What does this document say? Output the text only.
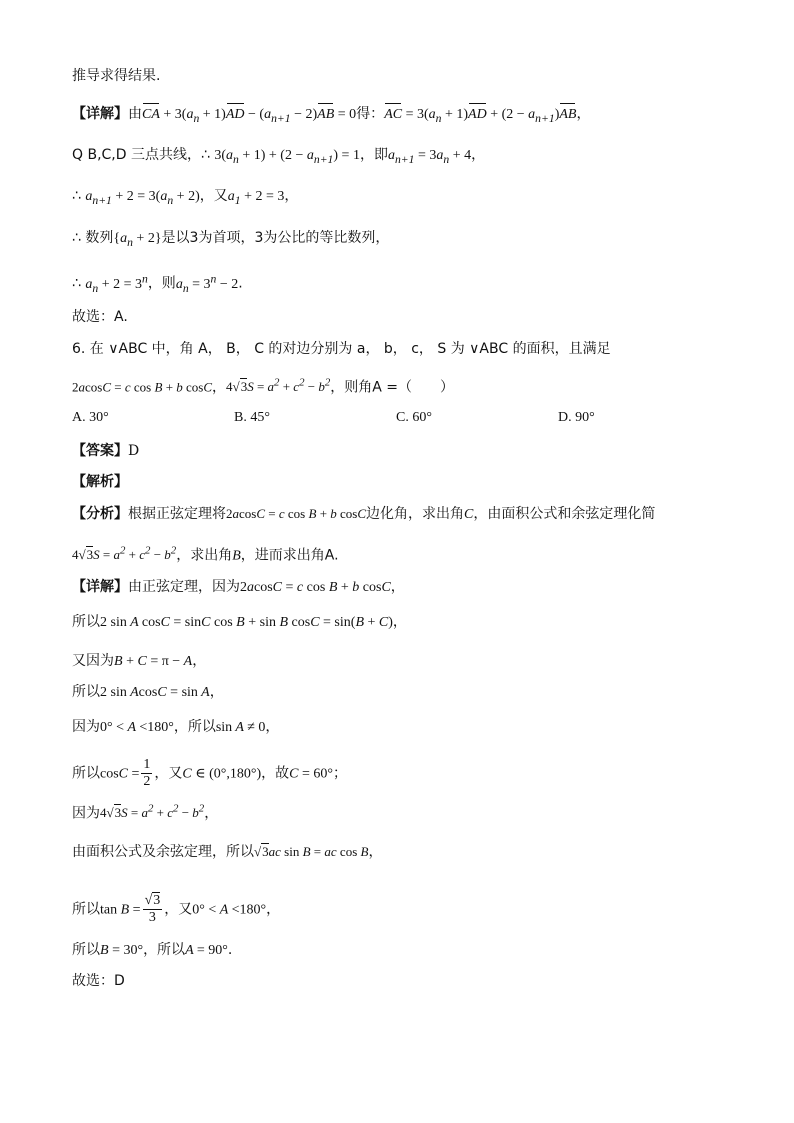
推导求得结果.
【详解】由CA + $3(a_n + 1)AD - (a_{n+1} - 2)AB = 0$得：AC = $3(a_n + 1)AD + (2 - a_{n+1})AB$，
Q B,C,D 三点共线，∴ $3(a_n + 1) + (2 - a_{n+1}) = 1$，即$a_{n+1} = 3a_n + 4$，
∴ $a_{n+1} + 2 = 3(a_n + 2)$，又$a_1 + 2 = 3$，
∴ 数列$\{a_n + 2\}$是以3为首项，3为公比的等比数列，
∴ $a_n + 2 = 3^n$，则$a_n = 3^n - 2$.
故选：A.
6. 在 ∨ABC 中，角 A， B， C 的对边分别为 a， b， c， S 为 ∨ABC 的面积，且满足
2acosC = c cos B + b cosC，$4√3S = a^2 + c^2 - b^2$，则角A =（　　）
A. 30°	B. 45°	C. 60°	D. 90°
【答案】D
【解析】
【分析】根据正弦定理将2acosC = c cos B + b cosC边化角，求出角C，由面积公式和余弦定理化简
$4√3S = a^2 + c^2 - b^2$，求出角B，进而求出角A.
【详解】由正弦定理，因为2acosC = c cos B + b cosC，
所以2 sin A cosC = sinC cos B + sin B cosC = sin(B + C)，
又因为B + C = π − A，
所以2 sin AcosC = sin A，
因为0° < A <180°，所以sin A ≠ 0，
所以$\cos C = \frac{1}{2}$ ，又C ∈ (0°,180°)，故C = 60°；
因为$4√3S = a^2 + c^2 - b^2$，
由面积公式及余弦定理，所以√3ac sin B = ac cos B，
所以$\tan B = \frac{√3}{3}$ ，又0° < A <180°，
所以B = 30°，所以A = 90°.
故选：D
